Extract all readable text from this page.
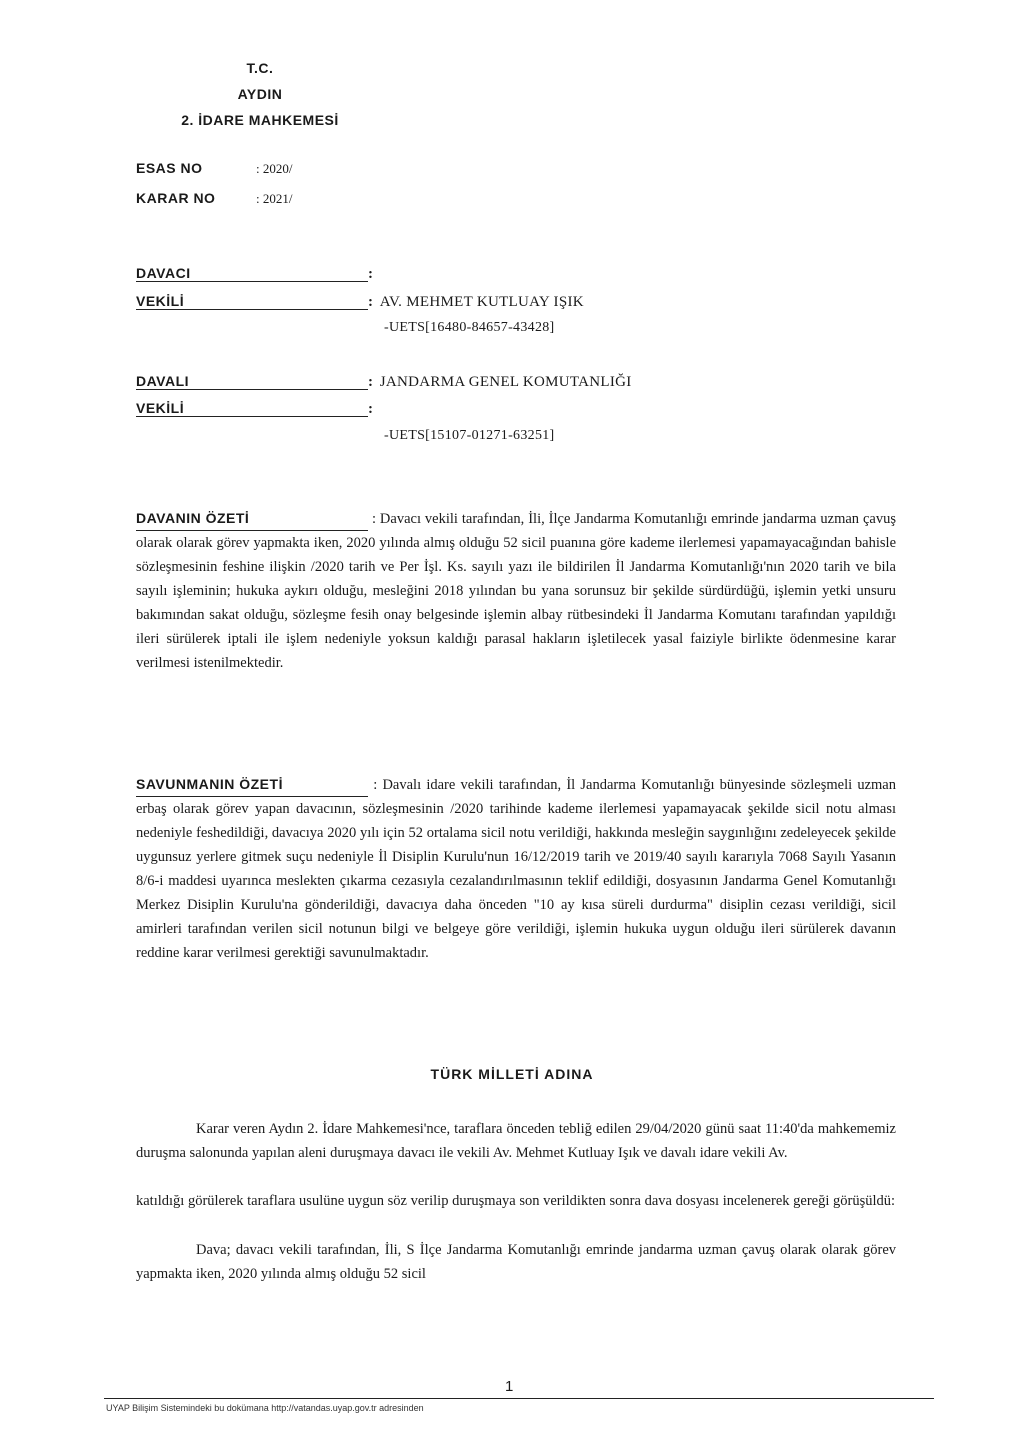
T.C.
AYDIN
2. İDARE MAHKEMESİ
ESAS NO	: 2020/
KARAR NO	: 2021/
DAVACI	:
VEKİLİ	: AV. MEHMET KUTLUAY IŞIK
-UETS[16480-84657-43428]
DAVALI	: JANDARMA GENEL KOMUTANLIĞI
VEKİLİ	:
-UETS[15107-01271-63251]
DAVANIN ÖZETİ	: Davacı vekili tarafından, İli, İlçe Jandarma Komutanlığı emrinde jandarma uzman çavuş olarak olarak görev yapmakta iken, 2020 yılında almış olduğu 52 sicil puanına göre kademe ilerlemesi yapamayacağından bahisle sözleşmesinin feshine ilişkin /2020 tarih ve Per İşl. Ks. sayılı yazı ile bildirilen İl Jandarma Komutanlığı'nın 2020 tarih ve bila sayılı işleminin; hukuka aykırı olduğu, mesleğini 2018 yılından bu yana sorunsuz bir şekilde sürdürdüğü, işlemin yetki unsuru bakımından sakat olduğu, sözleşme fesih onay belgesinde işlemin albay rütbesindeki İl Jandarma Komutanı tarafından yapıldığı ileri sürülerek iptali ile işlem nedeniyle yoksun kaldığı parasal hakların işletilecek yasal faiziyle birlikte ödenmesine karar verilmesi istenilmektedir.
SAVUNMANIN ÖZETİ	: Davalı idare vekili tarafından, İl Jandarma Komutanlığı bünyesinde sözleşmeli uzman erbaş olarak görev yapan davacının, sözleşmesinin /2020 tarihinde kademe ilerlemesi yapamayacak şekilde sicil notu alması nedeniyle feshedildiği, davacıya 2020 yılı için 52 ortalama sicil notu verildiği, hakkında mesleğin saygınlığını zedeleyecek şekilde uygunsuz yerlere gitmek suçu nedeniyle İl Disiplin Kurulu'nun 16/12/2019 tarih ve 2019/40 sayılı kararıyla 7068 Sayılı Yasanın 8/6-i maddesi uyarınca meslekten çıkarma cezasıyla cezalandırılmasının teklif edildiği, dosyasının Jandarma Genel Komutanlığı Merkez Disiplin Kurulu'na gönderildiği, davacıya daha önceden "10 ay kısa süreli durdurma" disiplin cezası verildiği, sicil amirleri tarafından verilen sicil notunun bilgi ve belgeye göre verildiği, işlemin hukuka uygun olduğu ileri sürülerek davanın reddine karar verilmesi gerektiği savunulmaktadır.
TÜRK MİLLETİ ADINA
Karar veren Aydın 2. İdare Mahkemesi'nce, taraflara önceden tebliğ edilen 29/04/2020 günü saat 11:40'da mahkememiz duruşma salonunda yapılan aleni duruşmaya davacı ile vekili Av. Mehmet Kutluay Işık ve davalı idare vekili Av.
katıldığı görülerek taraflara usulüne uygun söz verilip duruşmaya son verildikten sonra dava dosyası incelenerek gereği görüşüldü:
Dava; davacı vekili tarafından, İli, S İlçe Jandarma Komutanlığı emrinde jandarma uzman çavuş olarak olarak görev yapmakta iken, 2020 yılında almış olduğu 52 sicil
1
UYAP Bilişim Sistemindeki bu dokümana http://vatandas.uyap.gov.tr adresinden
